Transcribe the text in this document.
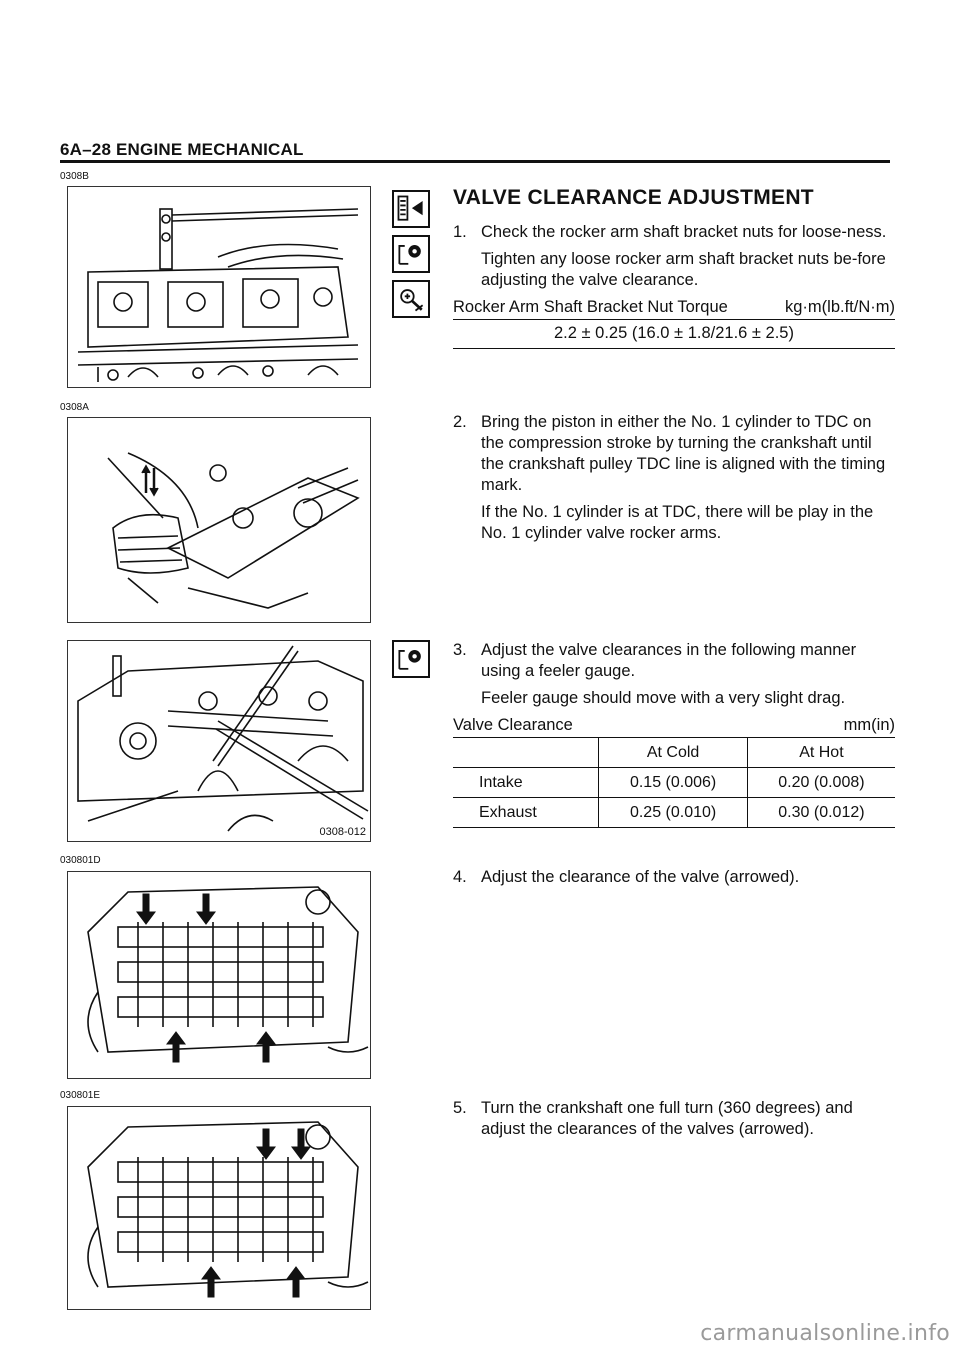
6A–28 ENGINE MECHANICAL
0308B
0308A
0308-012
030801D
030801E
VALVE CLEARANCE ADJUSTMENT
1. Check the rocker arm shaft bracket nuts for loose-ness.
Tighten any loose rocker arm shaft bracket nuts be-fore adjusting the valve clearance.
Rocker Arm Shaft Bracket Nut Torque	kg·m(lb.ft/N·m)
2.2 ± 0.25 (16.0 ± 1.8/21.6 ± 2.5)
2. Bring the piston in either the No. 1 cylinder to TDC on the compression stroke by turning the crankshaft until the crankshaft pulley TDC line is aligned with the timing mark.
If the No. 1 cylinder is at TDC, there will be play in the No. 1 cylinder valve rocker arms.
3. Adjust the valve clearances in the following manner using a feeler gauge.
Feeler gauge should move with a very slight drag.
Valve Clearance	mm(in)
	At Cold	At Hot
Intake	0.15 (0.006)	0.20 (0.008)
Exhaust	0.25 (0.010)	0.30 (0.012)
4. Adjust the clearance of the valve (arrowed).
5. Turn the crankshaft one full turn (360 degrees) and adjust the clearances of the valves (arrowed).
carmanualsonline.info
